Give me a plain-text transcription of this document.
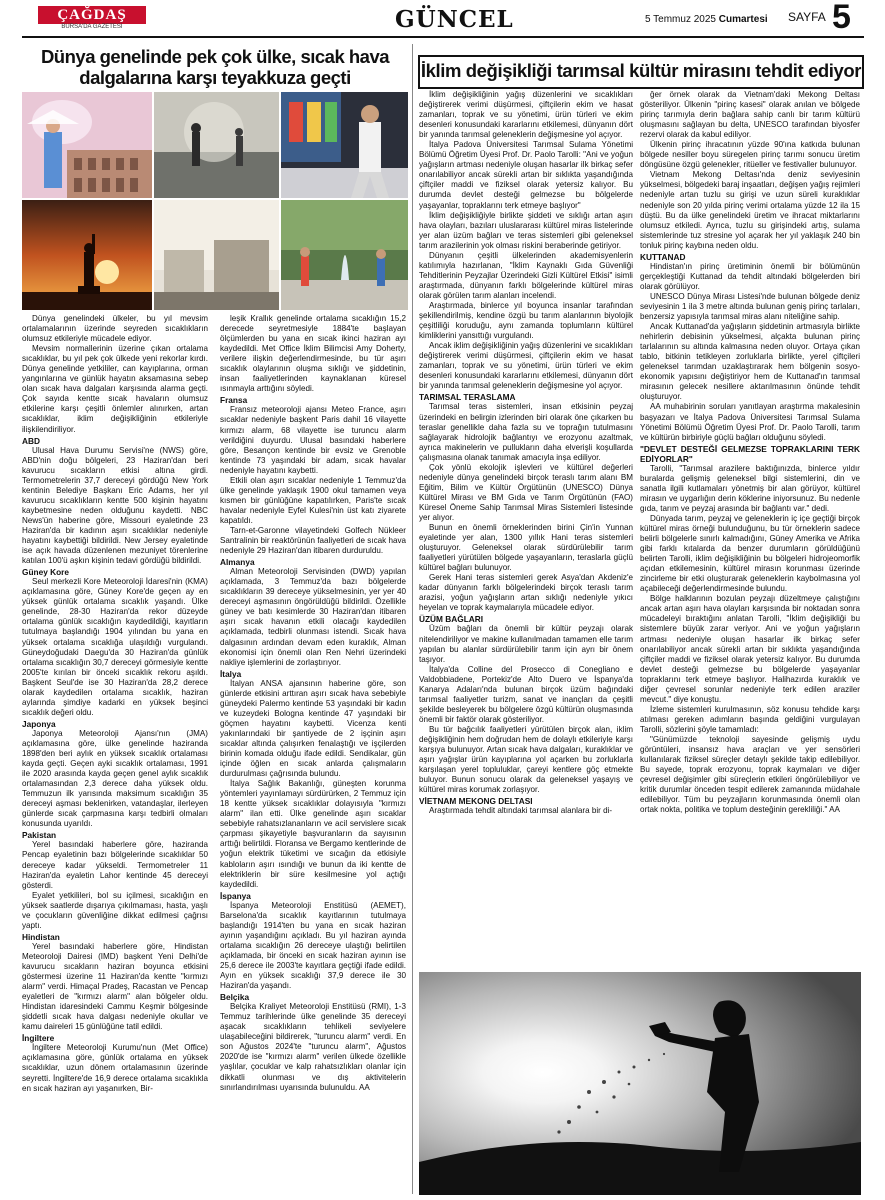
ÇAĞDAŞ
BURSA'DA GAZETESİ	GÜNCEL	5 Temmuz 2025 Cumartesi SAYFA 5
Dünya genelinde pek çok ülke, sıcak hava dalgalarına karşı teyakkuza geçti

Dünya genelindeki ülkeler, bu yıl mevsim ortalamalarının üzerinde seyreden sıcaklıkların olumsuz etkileriyle mücadele ediyor.

Mevsim normallerinin üzerine çıkan ortalama sıcaklıklar, bu yıl pek çok ülkede yeni rekorlar kırdı. Dünya genelinde yetkililer, can kayıplarına, orman yangınlarına ve günlük hayatın aksamasına sebep olan sıcak hava dalgaları karşısında alarma geçti. Çok sayıda kentte sıcak havaların olumsuz etkilerine karşı çeşitli önlemler alınırken, artan sıcaklıklar, iklim değişikliğinin etkileriyle ilişkilendiriliyor.

ABD

Ulusal Hava Durumu Servisi'ne (NWS) göre, ABD'nin doğu bölgeleri, 23 Haziran'dan beri kavurucu sıcakların etkisi altına girdi. Termometrelerin 37,7 dereceyi gördüğü New York kentinin Belediye Başkanı Eric Adams, her yıl kavurucu sıcaklıkların kentte 500 kişinin hayatını kaybetmesine neden olduğunu kaydetti. NBC News'ün haberine göre, Missouri eyaletinde 23 Haziran'da bir kadının aşırı sıcaklıklar nedeniyle hayatını kaybettiği bildirildi. New Jersey eyaletinde ise açık havada düzenlenen mezuniyet törenlerine katılan 100'ü aşkın kişinin tedavi gördüğü bildirildi.

Güney Kore

Seul merkezli Kore Meteoroloji İdaresi'nin (KMA) açıklamasına göre, Güney Kore'de geçen ay en yüksek günlük ortalama sıcaklık yaşandı. Ülke genelinde, 28-30 Haziran'da rekor düzeyde ortalama günlük sıcaklığın kaydedildiği, kayıtların tutulmaya başlandığı 1904 yılından bu yana en yüksek ortalama sıcaklığa ulaşıldığı vurgulandı. Güneydoğudaki Daegu'da 30 Haziran'da günlük ortalama sıcaklığın 30,7 dereceyi görmesiyle kentte 2005'te kırılan bir önceki sıcaklık rekoru aşıldı. Başkent Seul'de ise 30 Haziran'da 28,2 derece olarak kaydedilen ortalama sıcaklık, haziran aylarında şimdiye kadarki en yüksek beşinci sıcaklık değeri oldu.

Japonya

Japonya Meteoroloji Ajansı'nın (JMA) açıklamasına göre, ülke genelinde haziranda 1898'den beri aylık en yüksek sıcaklık ortalaması kayda geçti. Geçen ayki sıcaklık ortalaması, 1991 ile 2020 arasında kayda geçen genel aylık sıcaklık ortalamasından 2,3 derece daha yüksek oldu. Temmuzun ilk yarısında maksimum sıcaklığın 35 dereceyi aşması beklenirken, vatandaşlar, ilerleyen günlerde sıcak çarpmasına karşı tedbirli olmaları konusunda uyarıldı.

Pakistan

Yerel basındaki haberlere göre, haziranda Pencap eyaletinin bazı bölgelerinde sıcaklıklar 50 dereceye kadar yükseldi. Termometreler 11 Haziran'da eyaletin Lahor kentinde 45 dereceyi gösterdi.

Eyalet yetkilileri, bol su içilmesi, sıcaklığın en yüksek saatlerde dışarıya çıkılmaması, hasta, yaşlı ve çocukların güvenliğine dikkat edilmesi çağrısı yaptı.

Hindistan

Yerel basındaki haberlere göre, Hindistan Meteoroloji Dairesi (IMD) başkent Yeni Delhi'de kavurucu sıcakların haziran boyunca etkisini göstermesi üzerine 11 Haziran'da kentte "kırmızı alarm" verdi. Himaçal Pradeş, Racastan ve Pencap eyaletleri de "kırmızı alarm" alan bölgeler oldu. Hindistan idaresindeki Cammu Keşmir bölgesinde şiddetli sıcak hava dalgası nedeniyle okullar ve kamu daireleri 15 günlüğüne tatil edildi.

İngiltere

İngiltere Meteoroloji Kurumu'nun (Met Office) açıklamasına göre, günlük ortalama en yüksek sıcaklıklar, uzun dönem ortalamasının üzerinde seyretti. İngiltere'de 16,9 derece ortalama sıcaklıkla en sıcak haziran ayı yaşanırken, Bir-

leşik Krallık genelinde ortalama sıcaklığın 15,2 derecede seyretmesiyle 1884'te başlayan ölçümlerden bu yana en sıcak ikinci haziran ayı kaydedildi. Met Office İklim Bilimcisi Amy Doherty, verilere ilişkin değerlendirmesinde, bu tür aşırı sıcaklık olaylarının oluşma sıklığı ve şiddetinin, insan faaliyetlerinden kaynaklanan küresel ısınmayla arttığını söyledi.

Fransa

Fransız meteoroloji ajansı Meteo France, aşırı sıcaklar nedeniyle başkent Paris dahil 16 vilayette kırmızı alarm, 68 vilayette ise turuncu alarm verildiğini duyurdu. Ulusal basındaki haberlere göre, Besançon kentinde bir evsiz ve Grenoble kentinde 73 yaşındaki bir adam, sıcak havalar nedeniyle hayatını kaybetti.

Etkili olan aşırı sıcaklar nedeniyle 1 Temmuz'da ülke genelinde yaklaşık 1900 okul tamamen veya kısmen bir günlüğüne kapatılırken, Paris'te sıcak havalar nedeniyle Eyfel Kulesi'nin üst katı ziyarete kapatıldı.

Tarn-et-Garonne vilayetindeki Golfech Nükleer Santralinin bir reaktörünün faaliyetleri de sıcak hava nedeniyle 29 Haziran'dan itibaren durduruldu.

Almanya

Alman Meteoroloji Servisinden (DWD) yapılan açıklamada, 3 Temmuz'da bazı bölgelerde sıcaklıkların 39 dereceye yükselmesinin, yer yer 40 dereceyi aşmasının öngörüldüğü bildirildi. Özellikle güney ve batı kesimlerde 30 Haziran'dan itibaren aşırı sıcak havanın etkili olacağı kaydedilen açıklamada, tedbirli olunması istendi. Sıcak hava dalgasının ardından devam eden kuraklık, Alman ekonomisi için önemli olan Ren Nehri üzerindeki nakliye işlemlerini de zorlaştırıyor.

İtalya

İtalyan ANSA ajansının haberine göre, son günlerde etkisini arttıran aşırı sıcak hava sebebiyle güneydeki Palermo kentinde 53 yaşındaki bir kadın ve kuzeydeki Bologna kentinde 47 yaşındaki bir göçmen hayatını kaybetti. Vicenza kenti yakınlarındaki bir şantiyede de 2 işçinin aşırı sıcaklar altında çalışırken fenalaştığı ve işçilerden birinin komada olduğu ifade edildi. Sendikalar, gün içinde öğlen en sıcak anlarda çalışmaların durdurulması çağrısında bulundu.

İtalya Sağlık Bakanlığı, güneşten korunma yöntemleri yayınlamayı sürdürürken, 2 Temmuz için 18 kentte yüksek sıcaklıklar dolayısıyla "kırmızı alarm" ilan etti. Ülke genelinde aşırı sıcaklar sebebiyle rahatsızlananların ve acil servislere sıcak çarpması şikayetiyle başvuranların da sayısının arttığı belirtildi. Floransa ve Bergamo kentlerinde de yoğun elektrik tüketimi ve sıcağın da etkisiyle kabloların aşırı ısındığı ve bunun da iki kentte de elektriklerin bir süre kesilmesine yol açtığı kaydedildi.

İspanya

İspanya Meteoroloji Enstitüsü (AEMET), Barselona'da sıcaklık kayıtlarının tutulmaya başlandığı 1914'ten bu yana en sıcak haziran ayının yaşandığını açıkladı. Bu yıl haziran ayında ortalama sıcaklığın 26 dereceye ulaştığı belirtilen açıklamada, bir önceki en sıcak haziran ayının ise 25,6 derece ile 2003'te kayıtlara geçtiği ifade edildi. Ayın en yüksek sıcaklığı 37,9 derece ile 30 Haziran'da yaşandı.

Belçika

Belçika Kraliyet Meteoroloji Enstitüsü (RMI), 1-3 Temmuz tarihlerinde ülke genelinde 35 dereceyi aşacak sıcaklıkların tehlikeli seviyelere ulaşabileceğini bildirerek, "turuncu alarm" verdi. En son Ağustos 2024'te "turuncu alarm", Ağustos 2020'de ise "kırmızı alarm" verilen ülkede özellikle yaşlılar, çocuklar ve kalp rahatsızlıkları olanlar için dikkatli olunması ve dış aktivitelerin sınırlandırılması uyarısında bulunuldu. AA

İklim değişikliği tarımsal kültür mirasını tehdit ediyor

İklim değişikliğinin yağış düzenlerini ve sıcaklıkları değiştirerek verimi düşürmesi, çiftçilerin ekim ve hasat zamanları, toprak ve su yönetimi, ürün türleri ve ekim desenleri konusundaki kararlarını etkilemesi, dünyanın dört bir yanında tarımsal geleneklerin değişmesine yol açıyor.

İtalya Padova Üniversitesi Tarımsal Sulama Yönetimi Bölümü Öğretim Üyesi Prof. Dr. Paolo Tarolli: "Ani ve yoğun yağışların artması nedeniyle oluşan hasarlar ilk birkaç sefer onarılabiliyor ancak sürekli artan bir sıklıkta yaşandığında çiftçiler maddi ve fiziksel olarak yetersiz kalıyor. Bu durumda devlet desteği gelmezse bu bölgelerde yaşayanlar, topraklarını terk etmeye başlıyor"

İklim değişikliğiyle birlikte şiddeti ve sıklığı artan aşırı hava olayları, bazıları uluslararası kültürel miras listelerinde yer alan üzüm bağları ve teras sistemleri gibi geleneksel tarım arazilerinin yok olması riskini beraberinde getiriyor.

Dünyanın çeşitli ülkelerinden akademisyenlerin katılımıyla hazırlanan, "İklim Kaynaklı Gıda Güvenliği Tehditlerinin Peyzajlar Üzerindeki Gizli Kültürel Etkisi" isimli araştırmada, dünyanın farklı bölgelerinde kültürel miras olarak görülen tarım alanları incelendi.

Araştırmada, binlerce yıl boyunca insanlar tarafından şekillendirilmiş, kendine özgü bu tarım alanlarının biyolojik çeşitliliği koruduğu, aynı zamanda toplumların kültürel kimliklerini yansıttığı vurgulandı.

Ancak iklim değişikliğinin yağış düzenlerini ve sıcaklıkları değiştirerek verimi düşürmesi, çiftçilerin ekim ve hasat zamanları, toprak ve su yönetimi, ürün türleri ve ekim desenleri konusundaki kararlarını etkilemesi, dünyanın dört bir yanında tarımsal geleneklerin değişmesine yol açıyor.

TARIMSAL TERASLAMA

Tarımsal teras sistemleri, insan etkisinin peyzaj üzerindeki en belirgin izlerinden biri olarak öne çıkarken bu teraslar genellikle daha fazla su ve toprağın tutulmasını sağlayarak hidrolojik bağlantıyı ve erozyonu azaltmak, ayrıca makinelerin ve pullukların daha elverişli koşullarda çalışmasına olanak tanımak amacıyla inşa ediliyor.

Çok yönlü ekolojik işlevleri ve kültürel değerleri nedeniyle dünya genelindeki birçok teraslı tarım alanı BM Eğitim, Bilim ve Kültür Örgütünün (UNESCO) Dünya Kültürel Mirası ve BM Gıda ve Tarım Örgütünün (FAO) Küresel Öneme Sahip Tarımsal Miras Sistemleri listesinde yer alıyor.

Bunun en önemli örneklerinden birini Çin'in Yunnan eyaletinde yer alan, 1300 yıllık Hani teras sistemleri oluşturuyor. Geleneksel olarak sürdürülebilir tarım faaliyetleri yürütülen bölgede yaşayanların, teraslarla güçlü kültürel bağları bulunuyor.

Gerek Hani teras sistemleri gerek Asya'dan Akdeniz'e kadar dünyanın farklı bölgelerindeki birçok teraslı tarım arazisi, yoğun yağışların artan sıklığı nedeniyle yıkıcı heyelan ve toprak kaymalarıyla mücadele ediyor.

ÜZÜM BAĞLARI

Üzüm bağları da önemli bir kültür peyzajı olarak nitelendiriliyor ve makine kullanılmadan tamamen elle tarım yapılan bu alanlar sürdürülebilir tarım için ayrı bir önem taşıyor.

İtalya'da Colline del Prosecco di Conegliano e Valdobbiadene, Portekiz'de Alto Duero ve İspanya'da Kanarya Adaları'nda bulunan birçok üzüm bağındaki tarımsal faaliyetler turizm, sanat ve inançları da çeşitli şekilde besleyerek bu bölgelere özgü kültürün oluşmasında önemli bir faktör olarak gösteriliyor.

Bu tür bağcılık faaliyetleri yürütülen birçok alan, iklim değişikliğinin hem doğrudan hem de dolaylı etkileriyle karşı karşıya bulunuyor. Artan sıcak hava dalgaları, kuraklıklar ve aşırı yağışlar ürün kayıplarına yol açarken bu zorluklarla karşılaşan yerel topluluklar, çareyi kentlere göç etmekte buluyor. Bunun sonucu olarak da geleneksel yaşayış ve kültürel miras korumak zorlaşıyor.

VİETNAM MEKONG DELTASI

Araştırmada tehdit altındaki tarımsal alanlara bir di-

ğer örnek olarak da Vietnam'daki Mekong Deltası gösteriliyor. Ülkenin "pirinç kasesi" olarak anılan ve bölgede pirinç tarımıyla derin bağlara sahip canlı bir tarım kültürü oluşmasını sağlayan bu delta, UNESCO tarafından biyosfer rezervi olarak da kabul ediliyor.

Ülkenin pirinç ihracatının yüzde 90'ına katkıda bulunan bölgede nesiller boyu süregelen pirinç tarımı sonucu üretim döngüsüne özgü gelenekler, ritüeller ve festivaller bulunuyor.

Vietnam Mekong Deltası'nda deniz seviyesinin yükselmesi, bölgedeki baraj inşaatları, değişen yağış rejimleri nedeniyle artan tuzlu su girişi ve uzun süreli kuraklıklar nedeniyle son 20 yılda pirinç verimi ortalama yüzde 12 ila 15 düştü. Bu da ülke genelindeki üretim ve ihracat miktarlarını olumsuz etkiledi. Ayrıca, tuzlu su girişindeki artış, sulama sistemlerinde tuz stresine yol açarak her yıl yaklaşık 240 bin tonluk pirinç kaybına neden oldu.

KUTTANAD

Hindistan'ın pirinç üretiminin önemli bir bölümünün gerçekleştiği Kuttanad da tehdit altındaki bölgelerden biri olarak görülüyor.

UNESCO Dünya Mirası Listesi'nde bulunan bölgede deniz seviyesinin 1 ila 3 metre altında bulunan geniş pirinç tarlaları, benzersiz yapısıyla tarımsal miras alanı niteliğine sahip.

Ancak Kuttanad'da yağışların şiddetinin artmasıyla birlikte nehirlerin debisinin yükselmesi, alçakta bulunan pirinç tarlalarının su altında kalmasına neden oluyor. Ortaya çıkan tablo, bitkinin tetikleyen zorluklarla birlikte, yerel çiftçileri geleneksel tarımdan uzaklaştırarak hem bölgenin sosyo-ekonomik yapısını değiştiriyor hem de Kuttanad'ın tarımsal mirasının gelecek nesillere aktarılmasının önünde tehdit oluşturuyor.

AA muhabirinin soruları yanıtlayan araştırma makalesinin başyazarı ve İtalya Padova Üniversitesi Tarımsal Sulama Yönetimi Bölümü Öğretim Üyesi Prof. Dr. Paolo Tarolli, tarım ve kültürün birbiriyle güçlü bağları olduğunu söyledi.

"DEVLET DESTEĞİ GELMEZSE TOPRAKLARINI TERK EDİYORLAR"

Tarolli, "Tarımsal arazilere baktığınızda, binlerce yıldır buralarda gelişmiş geleneksel bilgi sistemlerini, din ve sanatla ilgili kutlamaları yönetmiş bir alan görüyor, kültürel mirasın ve uygarlığın derin köklerine iniyorsunuz. Bu nedenle gıda, tarım ve peyzaj arasında bir bağlantı var." dedi.

Dünyada tarım, peyzaj ve geleneklerin iç içe geçtiği birçok kültürel miras örneği bulunduğunu, bu tür örneklerin sadece belirli bölgelerle sınırlı kalmadığını, Güney Amerika ve Afrika gibi farklı kıtalarda da benzer durumların görüldüğünü belirten Tarolli, iklim değişikliğinin bu bölgeleri hidrojeomorfik açıdan etkilemesinin, kültürel mirasın korunması üzerinde zincirleme bir etki oluşturarak geleneklerin kaybolmasına yol açabileceği değerlendirmesinde bulundu.

Bölge halklarının bozulan peyzajı düzeltmeye çalıştığını ancak artan aşırı hava olayları karşısında bir noktadan sonra mücadeleyi bıraktığını anlatan Tarolli, "İklim değişikliği bu sistemlere büyük zarar veriyor. Ani ve yoğun yağışların artması nedeniyle oluşan hasarlar ilk birkaç sefer onarılabiliyor ancak sürekli artan bir sıklıkta yaşandığında çiftçiler maddi ve fiziksel olarak yetersiz kalıyor. Bu durumda devlet desteği gelmezse bu bölgelerde yaşayanlar topraklarını terk etmeye başlıyor. Halihazırda kuraklık ve diğer çevresel sorunlar nedeniyle terk edilen araziler mevcut." diye konuştu.

İzleme sistemleri kurulmasının, söz konusu tehdide karşı atılması gereken adımların başında geldiğini vurgulayan Tarolli, sözlerini şöyle tamamladı:

"Günümüzde teknoloji sayesinde gelişmiş uydu görüntüleri, insansız hava araçları ve yer sensörleri kullanılarak fiziksel süreçler detaylı şekilde takip edilebiliyor. Bu sayede, toprak erozyonu, toprak kaymaları ve diğer çevresel değişimler gibi süreçlerin etkileri öngörülebiliyor ve kritik durumlar önceden tespit edilerek zamanında müdahale edilebiliyor. Tüm bu peyzajların korunmasında önemli olan ortak nokta, politika ve toplum desteğinin gerekliliği." AA
